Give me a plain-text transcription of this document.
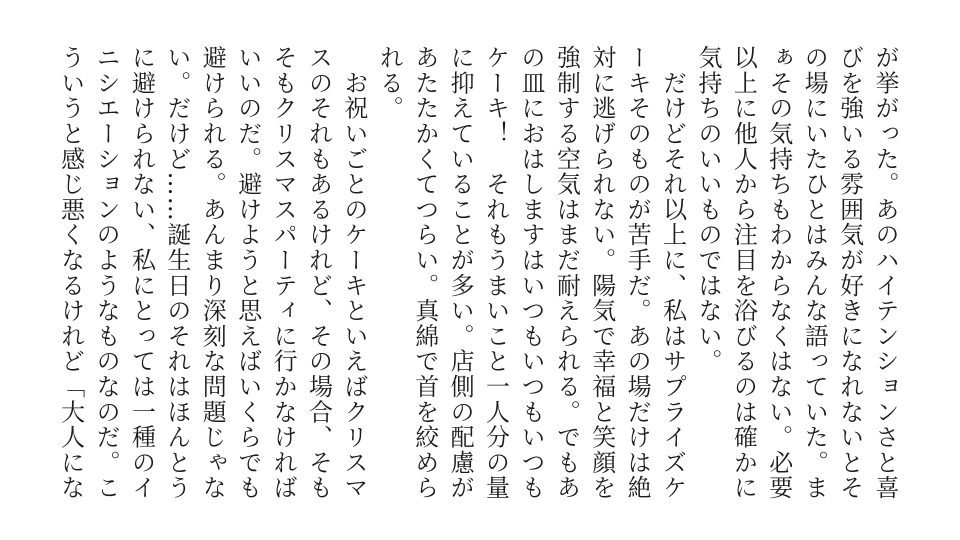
が挙がった。あのハイテンションさと喜
びを強いる雰囲気が好きになれないとそ
の場にいたひとはみんな語っていた。ま
ぁその気持ちもわからなくはない。必要
以上に他人から注目を浴びるのは確かに
気持ちのいいものではない。
　だけどそれ以上に、私はサプライズケ
ーキそのものが苦手だ。あの場だけは絶
対に逃げられない。陽気で幸福と笑顔を
強制する空気はまだ耐えられる。でもあ
の皿におはしますはいつもいつもいつも
ケーキ！　それもうまいこと一人分の量
に抑えていることが多い。店側の配慮が
あたたかくてつらい。真綿で首を絞めら
れる。
　お祝いごとのケーキといえばクリスマ
スのそれもあるけれど、その場合、そも
そもクリスマスパーティに行かなければ
いいのだ。避けようと思えばいくらでも
避けられる。あんまり深刻な問題じゃな
い。だけど……誕生日のそれはほんとう
に避けられない、私にとっては一種のイ
ニシエーションのようなものなのだ。こ
ういうと感じ悪くなるけれど「大人にな
